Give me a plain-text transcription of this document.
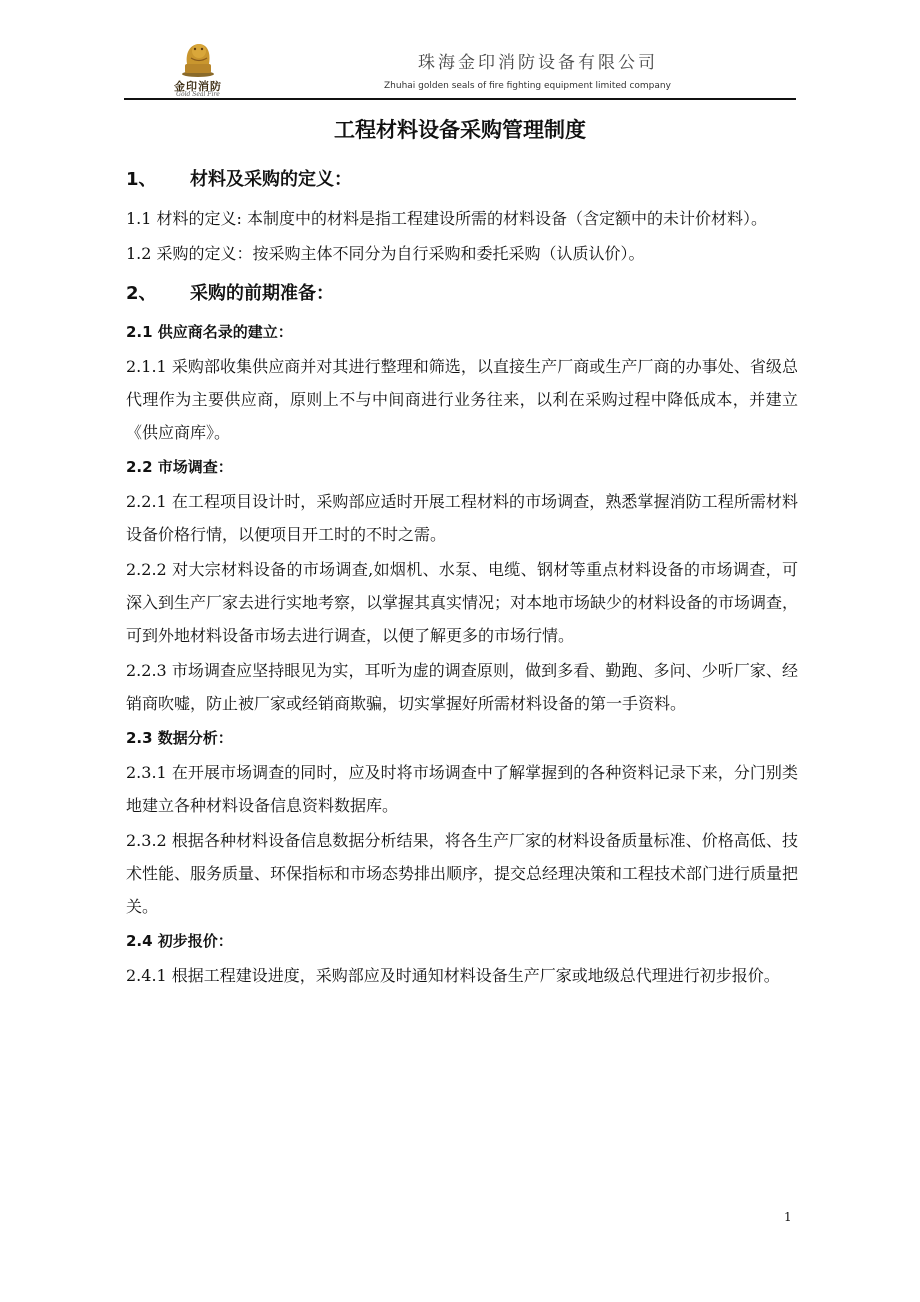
金印消防
Gold Seal Fire
珠海金印消防设备有限公司
Zhuhai golden seals of fire fighting equipment limited company
工程材料设备采购管理制度
1、 材料及采购的定义：
1.1 材料的定义: 本制度中的材料是指工程建设所需的材料设备（含定额中的未计价材料）。
1.2 采购的定义：按采购主体不同分为自行采购和委托采购（认质认价）。
2、 采购的前期准备：
2.1 供应商名录的建立：
2.1.1 采购部收集供应商并对其进行整理和筛选，以直接生产厂商或生产厂商的办事处、省级总代理作为主要供应商，原则上不与中间商进行业务往来，以利在采购过程中降低成本，并建立《供应商库》。
2.2 市场调查：
2.2.1 在工程项目设计时，采购部应适时开展工程材料的市场调查，熟悉掌握消防工程所需材料设备价格行情，以便项目开工时的不时之需。
2.2.2 对大宗材料设备的市场调查,如烟机、水泵、电缆、钢材等重点材料设备的市场调查，可深入到生产厂家去进行实地考察，以掌握其真实情况；对本地市场缺少的材料设备的市场调查，可到外地材料设备市场去进行调查，以便了解更多的市场行情。
2.2.3 市场调查应坚持眼见为实，耳听为虚的调查原则，做到多看、勤跑、多问、少听厂家、经销商吹嘘，防止被厂家或经销商欺骗，切实掌握好所需材料设备的第一手资料。
2.3 数据分析：
2.3.1 在开展市场调查的同时，应及时将市场调查中了解掌握到的各种资料记录下来，分门别类地建立各种材料设备信息资料数据库。
2.3.2 根据各种材料设备信息数据分析结果，将各生产厂家的材料设备质量标准、价格高低、技术性能、服务质量、环保指标和市场态势排出顺序，提交总经理决策和工程技术部门进行质量把关。
2.4 初步报价：
2.4.1 根据工程建设进度，采购部应及时通知材料设备生产厂家或地级总代理进行初步报价。
1
